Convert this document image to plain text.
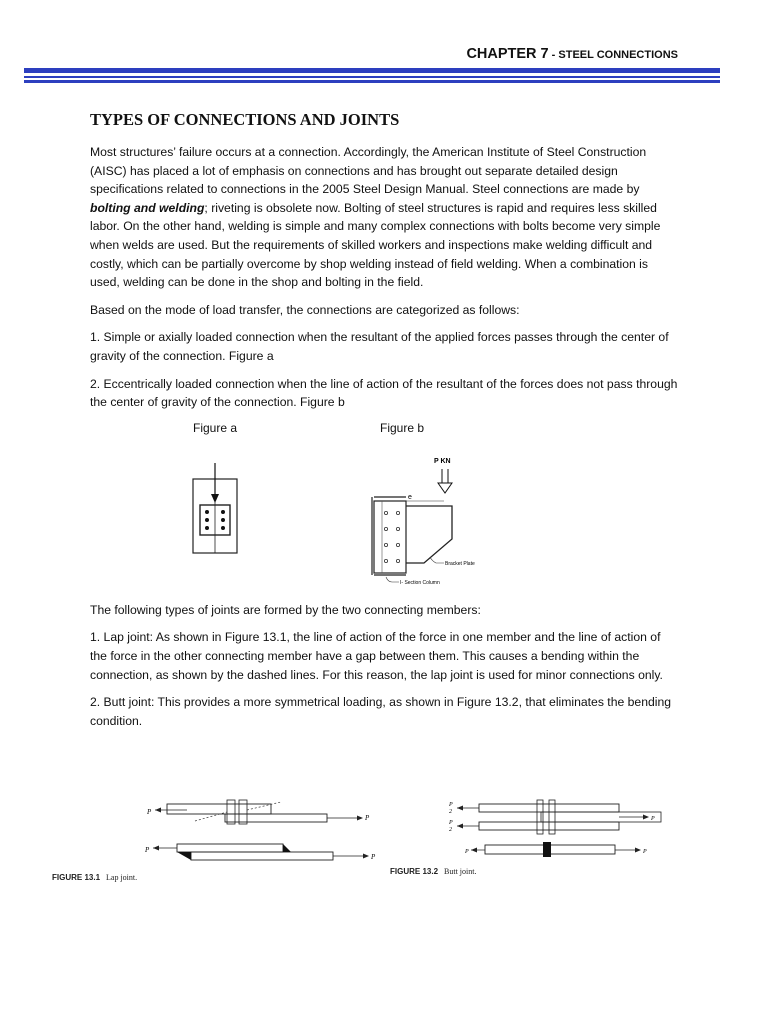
CHAPTER 7 - STEEL CONNECTIONS
TYPES OF CONNECTIONS AND JOINTS

Most structures’ failure occurs at a connection. Accordingly, the American Institute of Steel Construction (AISC) has placed a lot of emphasis on connections and has brought out separate detailed design specifications related to connections in the 2005 Steel Design Manual. Steel connections are made by bolting and welding; riveting is obsolete now. Bolting of steel structures is rapid and requires less skilled labor. On the other hand, welding is simple and many complex connections with bolts become very simple when welds are used. But the requirements of skilled workers and inspections make welding difficult and costly, which can be partially overcome by shop welding instead of field welding. When a combination is used, welding can be done in the shop and bolting in the field.

Based on the mode of load transfer, the connections are categorized as follows:

1. Simple or axially loaded connection when the resultant of the applied forces passes through the center of gravity of the connection. Figure a

2. Eccentrically loaded connection when the line of action of the resultant of the forces does not pass through the center of gravity of the connection. Figure b

Figure a	Figure b
P KN
e
Bracket Plate
I- Section Column

The following types of joints are formed by the two connecting members:

1. Lap joint: As shown in Figure 13.1, the line of action of the force in one member and the line of action of the force in the other connecting member have a gap between them. This causes a bending within the connection, as shown by the dashed lines. For this reason, the lap joint is used for minor connections only.

2. Butt joint: This provides a more symmetrical loading, as shown in Figure 13.2, that eliminates the bending condition.

P
P
P
P
FIGURE 13.1 Lap joint.
P
2
P
2
P
P	P
FIGURE 13.2 Butt joint.
